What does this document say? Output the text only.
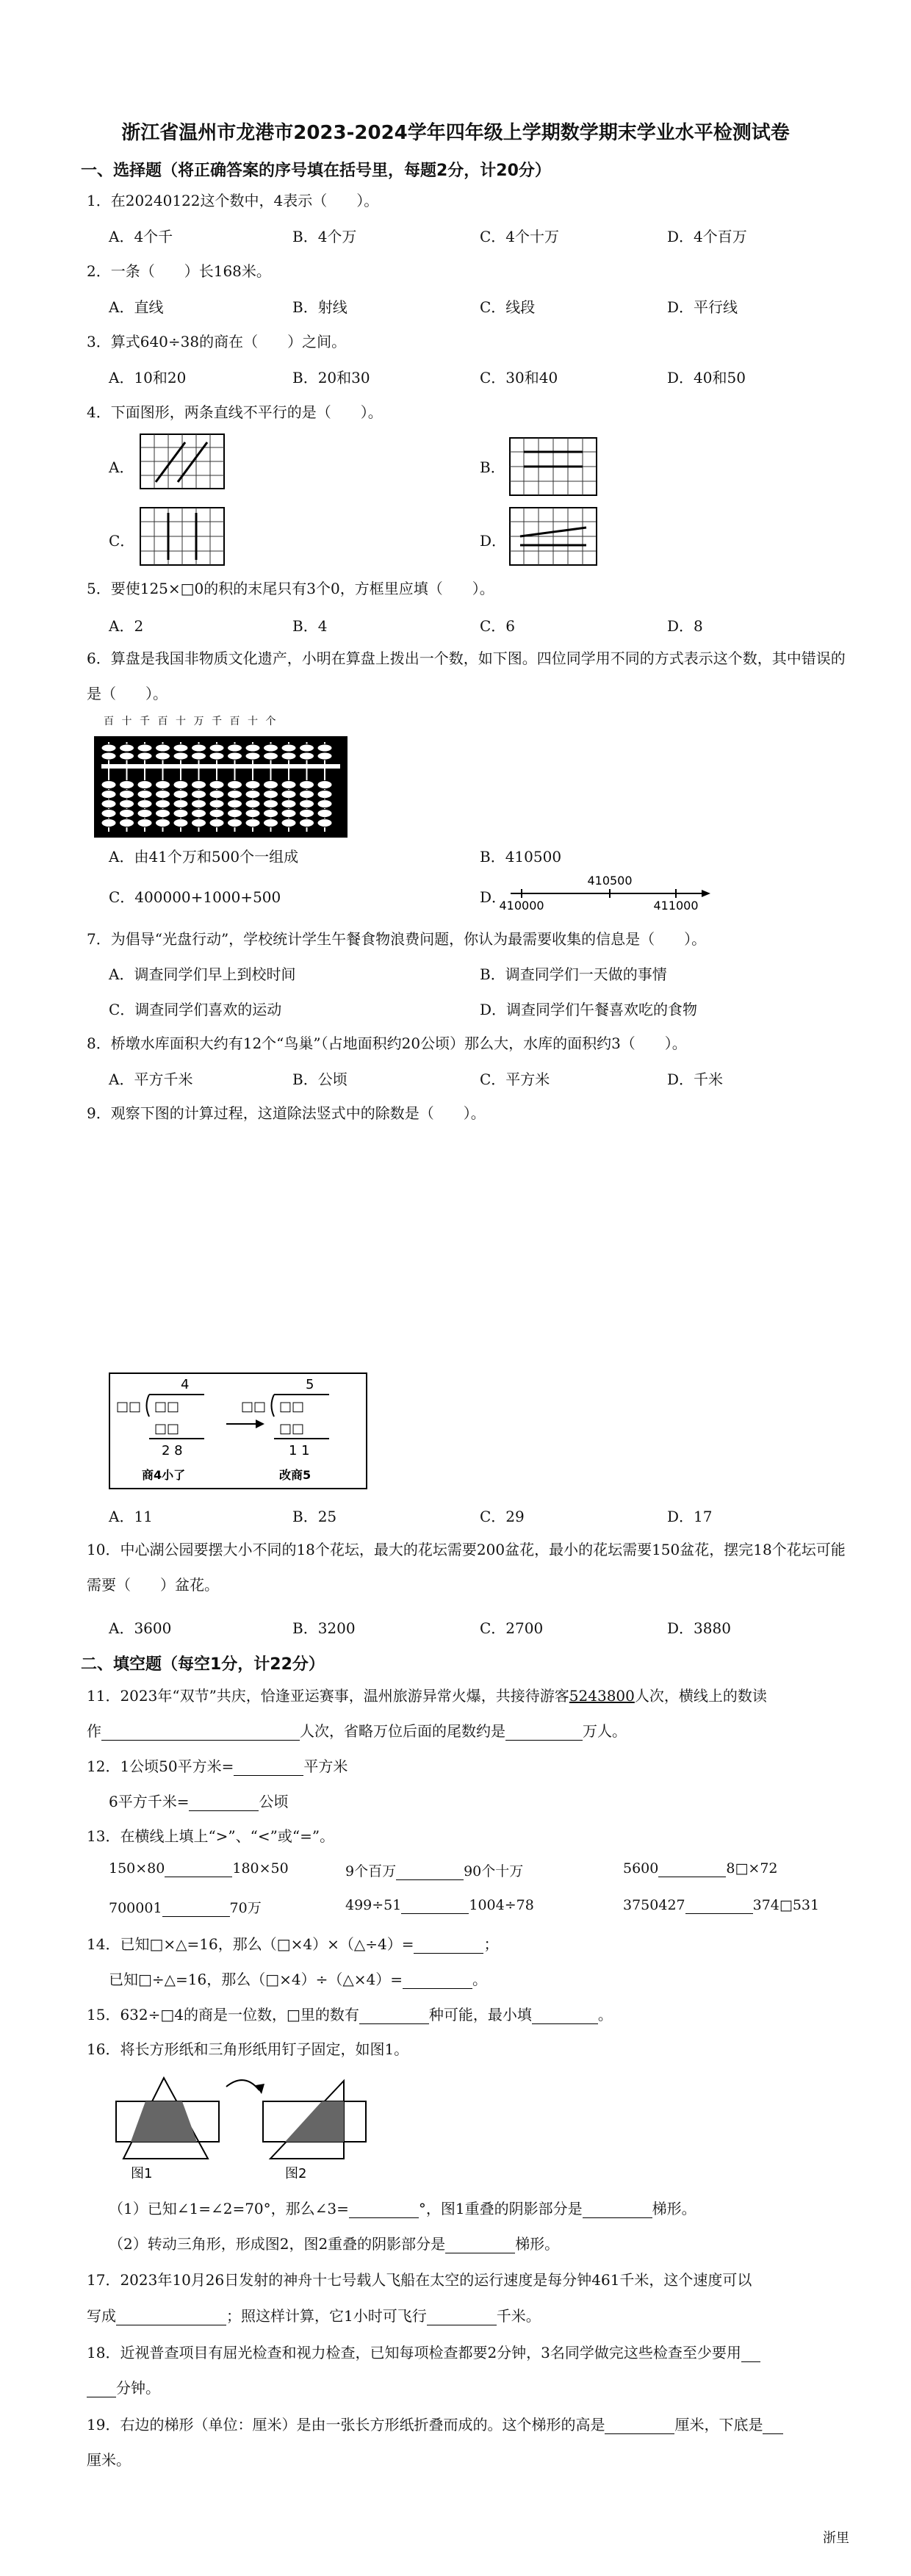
浙江省温州市龙港市2023-2024学年四年级上学期数学期末学业水平检测试卷
一、选择题（将正确答案的序号填在括号里，每题2分，计20分）
1．在20240122这个数中，4表示（　　）。
A．4个千	B．4个万	C．4个十万	D．4个百万
2．一条（　　）长168米。
A．直线	B．射线	C．线段	D．平行线
3．算式640÷38的商在（　　）之间。
A．10和20	B．20和30	C．30和40	D．40和50
4．下面图形，两条直线不平行的是（　　）。
A．	B．
C．	D．
5．要使125×□0的积的末尾只有3个0，方框里应填（　　）。
A．2	B．4	C．6	D．8
6．算盘是我国非物质文化遗产，小明在算盘上拨出一个数，如下图。四位同学用不同的方式表示这个数，其中错误的是（　　）。
百 十 千 百 十 万 千 百 十 个
A．由41个万和500个一组成	B．410500
C．400000+1000+500	D．
410500
410000	411000
7．为倡导“光盘行动”，学校统计学生午餐食物浪费问题，你认为最需要收集的信息是（　　）。
A．调查同学们早上到校时间	B．调查同学们一天做的事情
C．调查同学们喜欢的运动	D．调查同学们午餐喜欢吃的食物
8．桥墩水库面积大约有12个“鸟巢”（占地面积约20公顷）那么大，水库的面积约3（　　）。
A．平方千米	B．公顷	C．平方米	D．千米
9．观察下图的计算过程，这道除法竖式中的除数是（　　）。
4
□□ □□
□□
2 8
商4小了
5
□□ □□
□□
1 1
改商5
A．11	B．25	C．29	D．17
10．中心湖公园要摆大小不同的18个花坛，最大的花坛需要200盆花，最小的花坛需要150盆花，摆完18个花坛可能需要（　　）盆花。
A．3600	B．3200	C．2700	D．3880
二、填空题（每空1分，计22分）
11．2023年“双节”共庆，恰逢亚运赛事，温州旅游异常火爆，共接待游客5243800人次，横线上的数读
作	人次，省略万位后面的尾数约是	万人。
12．1公顷50平方米=	平方米
6平方千米=	公顷
13．在横线上填上“>”、“<”或“=”。
150×80	180×50	9个百万	90个十万	5600	8□×72
700001	70万	499÷51	1004÷78	3750427	374□531
14．已知□×△=16，那么（□×4）×（△÷4）=	；
已知□÷△=16，那么（□×4）÷（△×4）=	。
15．632÷□4的商是一位数，□里的数有	种可能，最小填	。
16．将长方形纸和三角形纸用钉子固定，如图1。
图1	图2
（1）已知∠1=∠2=70°，那么∠3=	°，图1重叠的阴影部分是	梯形。
（2）转动三角形，形成图2，图2重叠的阴影部分是	梯形。
17．2023年10月26日发射的神舟十七号载人飞船在太空的运行速度是每分钟461千米，这个速度可以
写成	；照这样计算，它1小时可飞行	千米。
18．近视普查项目有屈光检查和视力检查，已知每项检查都要2分钟，3名同学做完这些检查至少要用
分钟。
19．右边的梯形（单位：厘米）是由一张长方形纸折叠而成的。这个梯形的高是	厘米，下底是
厘米。
浙里
